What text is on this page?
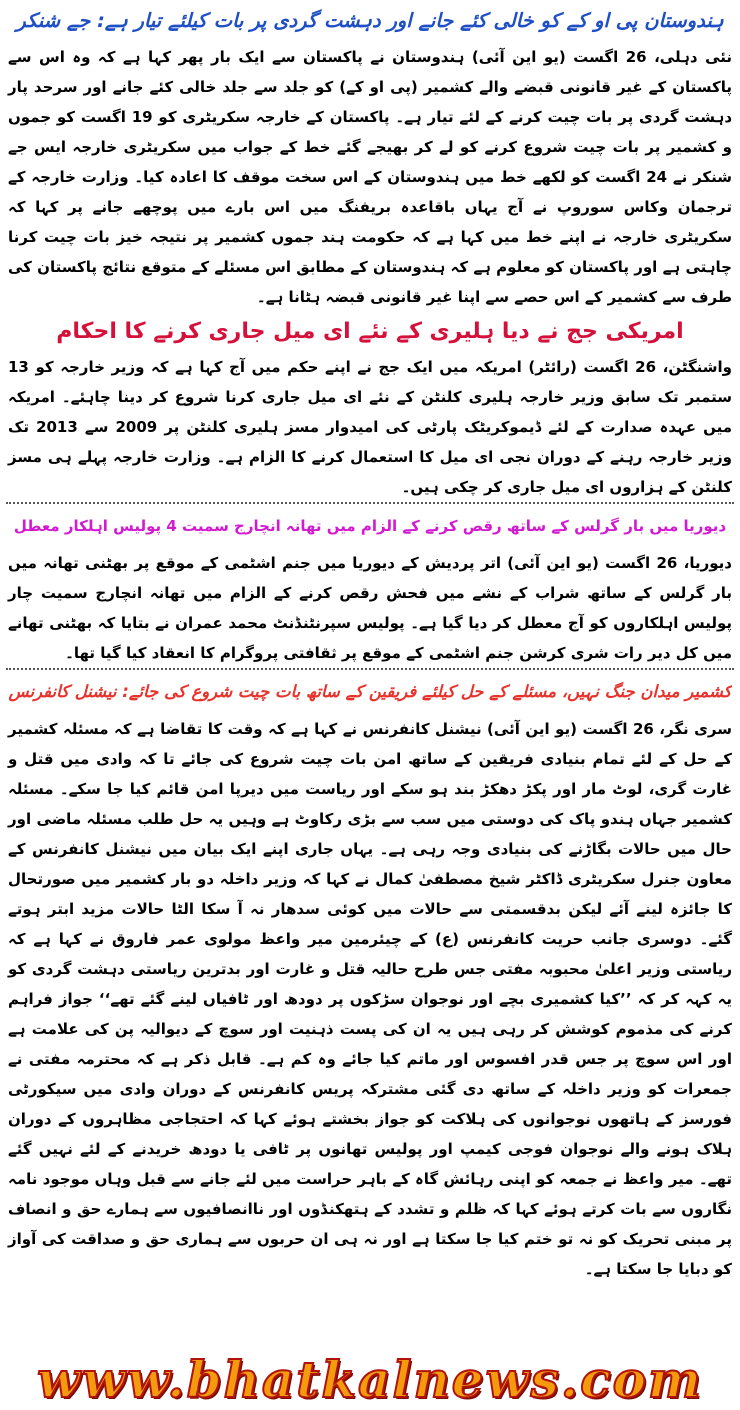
ہندوستان پی او کے کو خالی کئے جانے اور دہشت گردی پر بات کیلئے تیار ہے: جے شنکر

نئی دہلی، 26 اگست (یو این آئی) ہندوستان نے پاکستان سے ایک بار پھر کہا ہے کہ وہ اس سے پاکستان کے غیر قانونی قبضے والے کشمیر (پی او کے) کو جلد سے جلد خالی کئے جانے اور سرحد پار دہشت گردی پر بات چیت کرنے کے لئے تیار ہے۔ پاکستان کے خارجہ سکریٹری کو 19 اگست کو جموں و کشمیر پر بات چیت شروع کرنے کو لے کر بھیجے گئے خط کے جواب میں سکریٹری خارجہ ایس جے شنکر نے 24 اگست کو لکھے خط میں ہندوستان کے اس سخت موقف کا اعادہ کیا۔ وزارت خارجہ کے ترجمان وکاس سوروپ نے آج یہاں باقاعدہ بریفنگ میں اس بارے میں پوچھے جانے پر کہا کہ سکریٹری خارجہ نے اپنے خط میں کہا ہے کہ حکومت ہند جموں کشمیر پر نتیجہ خیز بات چیت کرنا چاہتی ہے اور پاکستان کو معلوم ہے کہ ہندوستان کے مطابق اس مسئلے کے متوقع نتائج پاکستان کی طرف سے کشمیر کے اس حصے سے اپنا غیر قانونی قبضہ ہٹانا ہے۔

امریکی جج نے دیا ہلیری کے نئے ای میل جاری کرنے کا احکام

واشنگٹن، 26 اگست (رائٹر) امریکہ میں ایک جج نے اپنے حکم میں آج کہا ہے کہ وزیر خارجہ کو 13 ستمبر تک سابق وزیر خارجہ ہلیری کلنٹن کے نئے ای میل جاری کرنا شروع کر دینا چاہئے۔ امریکہ میں عہدہ صدارت کے لئے ڈیموکریٹک پارٹی کی امیدوار مسز ہلیری کلنٹن پر 2009 سے 2013 تک وزیر خارجہ رہنے کے دوران نجی ای میل کا استعمال کرنے کا الزام ہے۔ وزارت خارجہ پہلے ہی مسز کلنٹن کے ہزاروں ای میل جاری کر چکی ہیں۔

دیوریا میں بار گرلس کے ساتھ رقص کرنے کے الزام میں تھانہ انچارج سمیت 4 پولیس اہلکار معطل

دیوریا، 26 اگست (یو این آئی) اتر پردیش کے دیوریا میں جنم اشٹمی کے موقع پر بھٹنی تھانہ میں بار گرلس کے ساتھ شراب کے نشے میں فحش رقص کرنے کے الزام میں تھانہ انچارج سمیت چار پولیس اہلکاروں کو آج معطل کر دیا گیا ہے۔ پولیس سپرنٹنڈنٹ محمد عمران نے بتایا کہ بھٹنی تھانے میں کل دیر رات شری کرشن جنم اشٹمی کے موقع پر ثقافتی پروگرام کا انعقاد کیا گیا تھا۔

کشمیر میدان جنگ نہیں، مسئلے کے حل کیلئے فریقین کے ساتھ بات چیت شروع کی جائے: نیشنل کانفرنس

سری نگر، 26 اگست (یو این آئی) نیشنل کانفرنس نے کہا ہے کہ وقت کا تقاضا ہے کہ مسئلہ کشمیر کے حل کے لئے تمام بنیادی فریقین کے ساتھ امن بات چیت شروع کی جائے تا کہ وادی میں قتل و غارت گری، لوٹ مار اور پکڑ دھکڑ بند ہو سکے اور ریاست میں دیرپا امن قائم کیا جا سکے۔ مسئلہ کشمیر جہاں ہندو پاک کی دوستی میں سب سے بڑی رکاوٹ ہے وہیں یہ حل طلب مسئلہ ماضی اور حال میں حالات بگاڑنے کی بنیادی وجہ رہی ہے۔ یہاں جاری اپنے ایک بیان میں نیشنل کانفرنس کے معاون جنرل سکریٹری ڈاکٹر شیخ مصطفیٰ کمال نے کہا کہ وزیر داخلہ دو بار کشمیر میں صورتحال کا جائزہ لینے آئے لیکن بدقسمتی سے حالات میں کوئی سدھار نہ آ سکا الٹا حالات مزید ابتر ہوتے گئے۔ دوسری جانب حریت کانفرنس (ع) کے چیئرمین میر واعظ مولوی عمر فاروق نے کہا ہے کہ ریاستی وزیر اعلیٰ محبوبہ مفتی جس طرح حالیہ قتل و غارت اور بدترین ریاستی دہشت گردی کو یہ کہہ کر کہ ’’کیا کشمیری بچے اور نوجوان سڑکوں پر دودھ اور ٹافیاں لینے گئے تھے‘‘ جواز فراہم کرنے کی مذموم کوشش کر رہی ہیں یہ ان کی پست ذہنیت اور سوچ کے دیوالیہ پن کی علامت ہے اور اس سوچ پر جس قدر افسوس اور ماتم کیا جائے وہ کم ہے۔ قابل ذکر ہے کہ محترمہ مفتی نے جمعرات کو وزیر داخلہ کے ساتھ دی گئی مشترکہ پریس کانفرنس کے دوران وادی میں سیکورٹی فورسز کے ہاتھوں نوجوانوں کی ہلاکت کو جواز بخشتے ہوئے کہا کہ احتجاجی مظاہروں کے دوران ہلاک ہونے والے نوجوان فوجی کیمپ اور پولیس تھانوں پر ٹافی یا دودھ خریدنے کے لئے نہیں گئے تھے۔ میر واعظ نے جمعہ کو اپنی رہائش گاہ کے باہر حراست میں لئے جانے سے قبل وہاں موجود نامہ نگاروں سے بات کرتے ہوئے کہا کہ ظلم و تشدد کے ہتھکنڈوں اور ناانصافیوں سے ہمارے حق و انصاف پر مبنی تحریک کو نہ تو ختم کیا جا سکتا ہے اور نہ ہی ان حربوں سے ہماری حق و صداقت کی آواز کو دبایا جا سکتا ہے۔

www.bhatkalnews.com
